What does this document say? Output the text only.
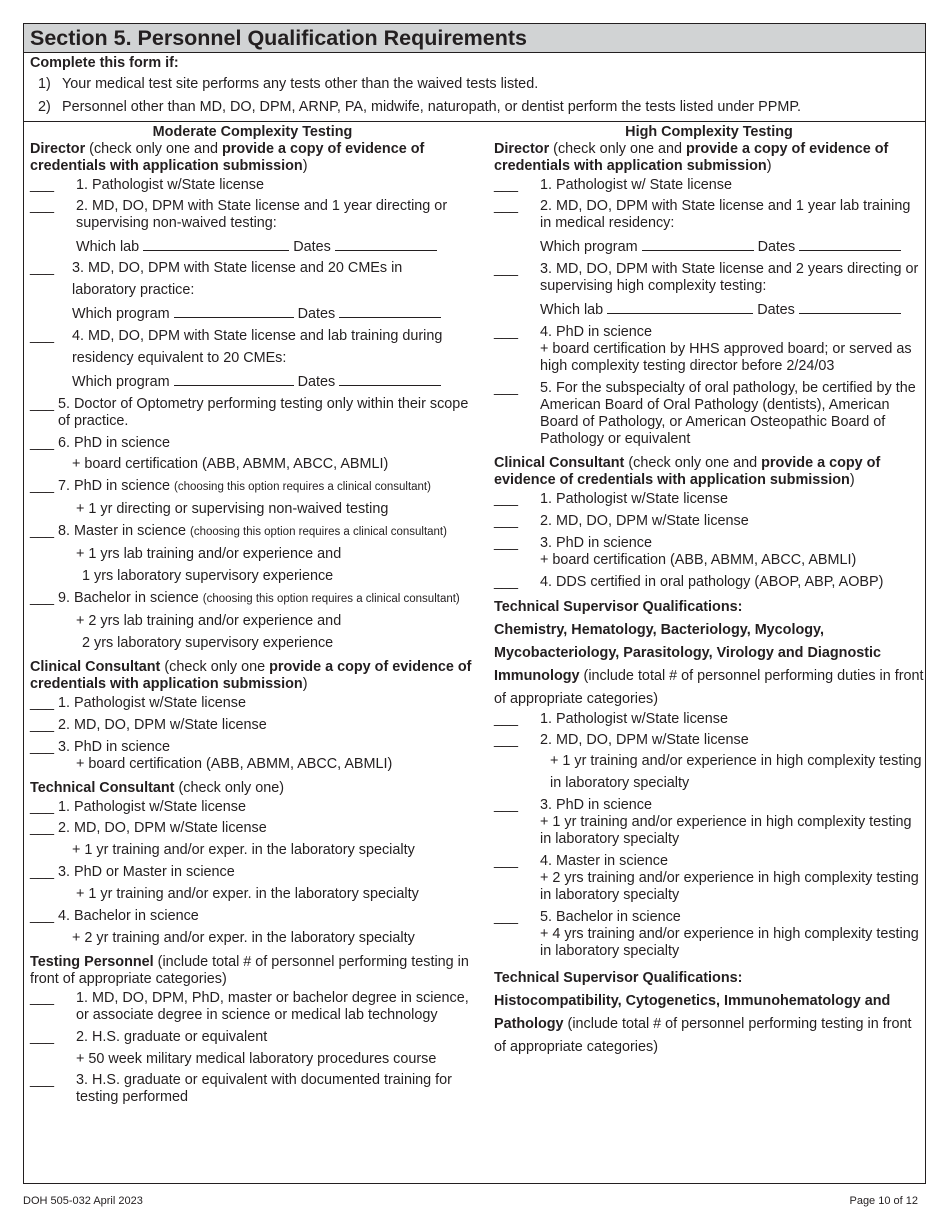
Section 5. Personnel Qualification Requirements
Complete this form if:
1) Your medical test site performs any tests other than the waived tests listed.
2) Personnel other than MD, DO, DPM, ARNP, PA, midwife, naturopath, or dentist perform the tests listed under PPMP.
Moderate Complexity Testing
Director (check only one and provide a copy of evidence of credentials with application submission)
___ 1. Pathologist w/State license
___ 2. MD, DO, DPM with State license and 1 year directing or supervising non-waived testing:
Which lab	Dates
___ 3. MD, DO, DPM with State license and 20 CMEs in
laboratory practice:
Which program	Dates
___ 4. MD, DO, DPM with State license and lab training during
residency equivalent to 20 CMEs:
Which program	Dates
___ 5. Doctor of Optometry performing testing only within their scope of practice.
___ 6. PhD in science
+ board certification (ABB, ABMM, ABCC, ABMLI)
___ 7. PhD in science (choosing this option requires a clinical consultant)
+ 1 yr directing or supervising non-waived testing
___ 8. Master in science (choosing this option requires a clinical consultant)
+ 1 yrs lab training and/or experience and
1 yrs laboratory supervisory experience
___ 9. Bachelor in science (choosing this option requires a clinical consultant)
+ 2 yrs lab training and/or experience and
2 yrs laboratory supervisory experience
Clinical Consultant (check only one provide a copy of evidence of credentials with application submission)
___ 1. Pathologist w/State license
___ 2. MD, DO, DPM w/State license
___ 3. PhD in science
+ board certification (ABB, ABMM, ABCC, ABMLI)
Technical Consultant (check only one)
___ 1. Pathologist w/State license
___ 2. MD, DO, DPM w/State license
+ 1 yr training and/or exper. in the laboratory specialty
___ 3. PhD or Master in science
+ 1 yr training and/or exper. in the laboratory specialty
___ 4. Bachelor in science
+ 2 yr training and/or exper. in the laboratory specialty
Testing Personnel (include total # of personnel performing testing in front of appropriate categories)
___ 1. MD, DO, DPM, PhD, master or bachelor degree in science, or associate degree in science or medical lab technology
___ 2. H.S. graduate or equivalent
+ 50 week military medical laboratory procedures course
___ 3. H.S. graduate or equivalent with documented training for testing performed
High Complexity Testing
Director (check only one and provide a copy of evidence of credentials with application submission)
___ 1. Pathologist w/ State license
___ 2. MD, DO, DPM with State license and 1 year lab training in medical residency:
Which program	Dates
___ 3. MD, DO, DPM with State license and 2 years directing or supervising high complexity testing:
Which lab	Dates
___ 4. PhD in science
+ board certification by HHS approved board; or served as high complexity testing director before 2/24/03
___ 5. For the subspecialty of oral pathology, be certified by the American Board of Oral Pathology (dentists), American Board of Pathology, or American Osteopathic Board of Pathology or equivalent
Clinical Consultant (check only one and provide a copy of evidence of credentials with application submission)
___ 1. Pathologist w/State license
___ 2. MD, DO, DPM w/State license
___ 3. PhD in science
+ board certification (ABB, ABMM, ABCC, ABMLI)
___ 4. DDS certified in oral pathology (ABOP, ABP, AOBP)
Technical Supervisor Qualifications:
Chemistry, Hematology, Bacteriology, Mycology, Mycobacteriology, Parasitology, Virology and Diagnostic Immunology (include total # of personnel performing duties in front of appropriate categories)
___ 1. Pathologist w/State license
___ 2. MD, DO, DPM w/State license
+ 1 yr training and/or experience in high complexity testing in laboratory specialty
___ 3. PhD in science
+ 1 yr training and/or experience in high complexity testing in laboratory specialty
___ 4. Master in science
+ 2 yrs training and/or experience in high complexity testing in laboratory specialty
___ 5. Bachelor in science
+ 4 yrs training and/or experience in high complexity testing in laboratory specialty
Technical Supervisor Qualifications:
Histocompatibility, Cytogenetics, Immunohematology and Pathology (include total # of personnel performing testing in front of appropriate categories)
DOH 505-032 April 2023	Page 10 of 12
